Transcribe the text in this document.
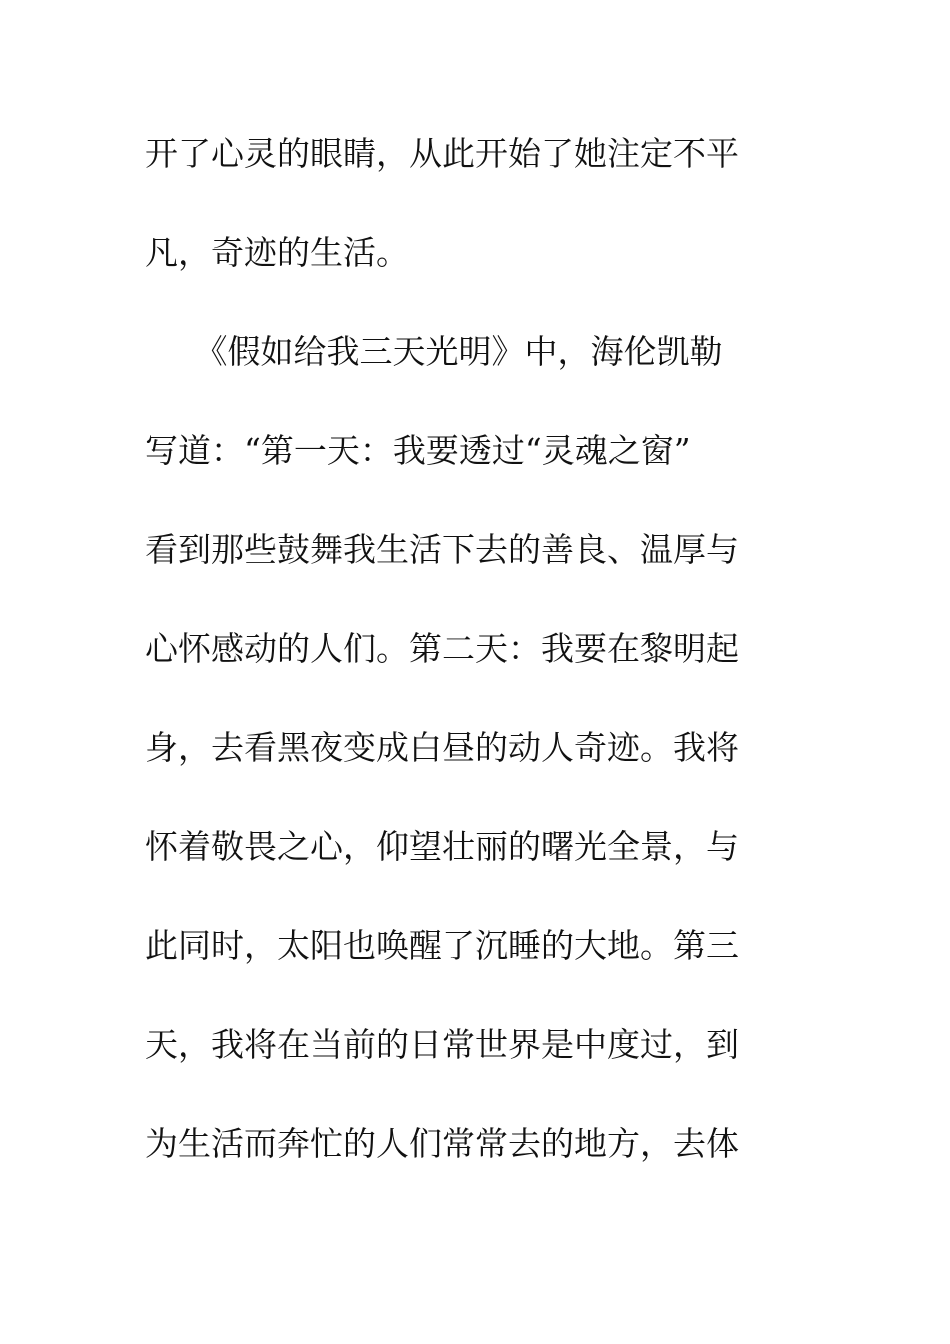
开了心灵的眼睛，从此开始了她注定不平
凡，奇迹的生活。
　　《假如给我三天光明》中，海伦凯勒
写道：“第一天：我要透过“灵魂之窗”
看到那些鼓舞我生活下去的善良、温厚与
心怀感动的人们。第二天：我要在黎明起
身，去看黑夜变成白昼的动人奇迹。我将
怀着敬畏之心，仰望壮丽的曙光全景，与
此同时，太阳也唤醒了沉睡的大地。第三
天，我将在当前的日常世界是中度过，到
为生活而奔忙的人们常常去的地方，去体
